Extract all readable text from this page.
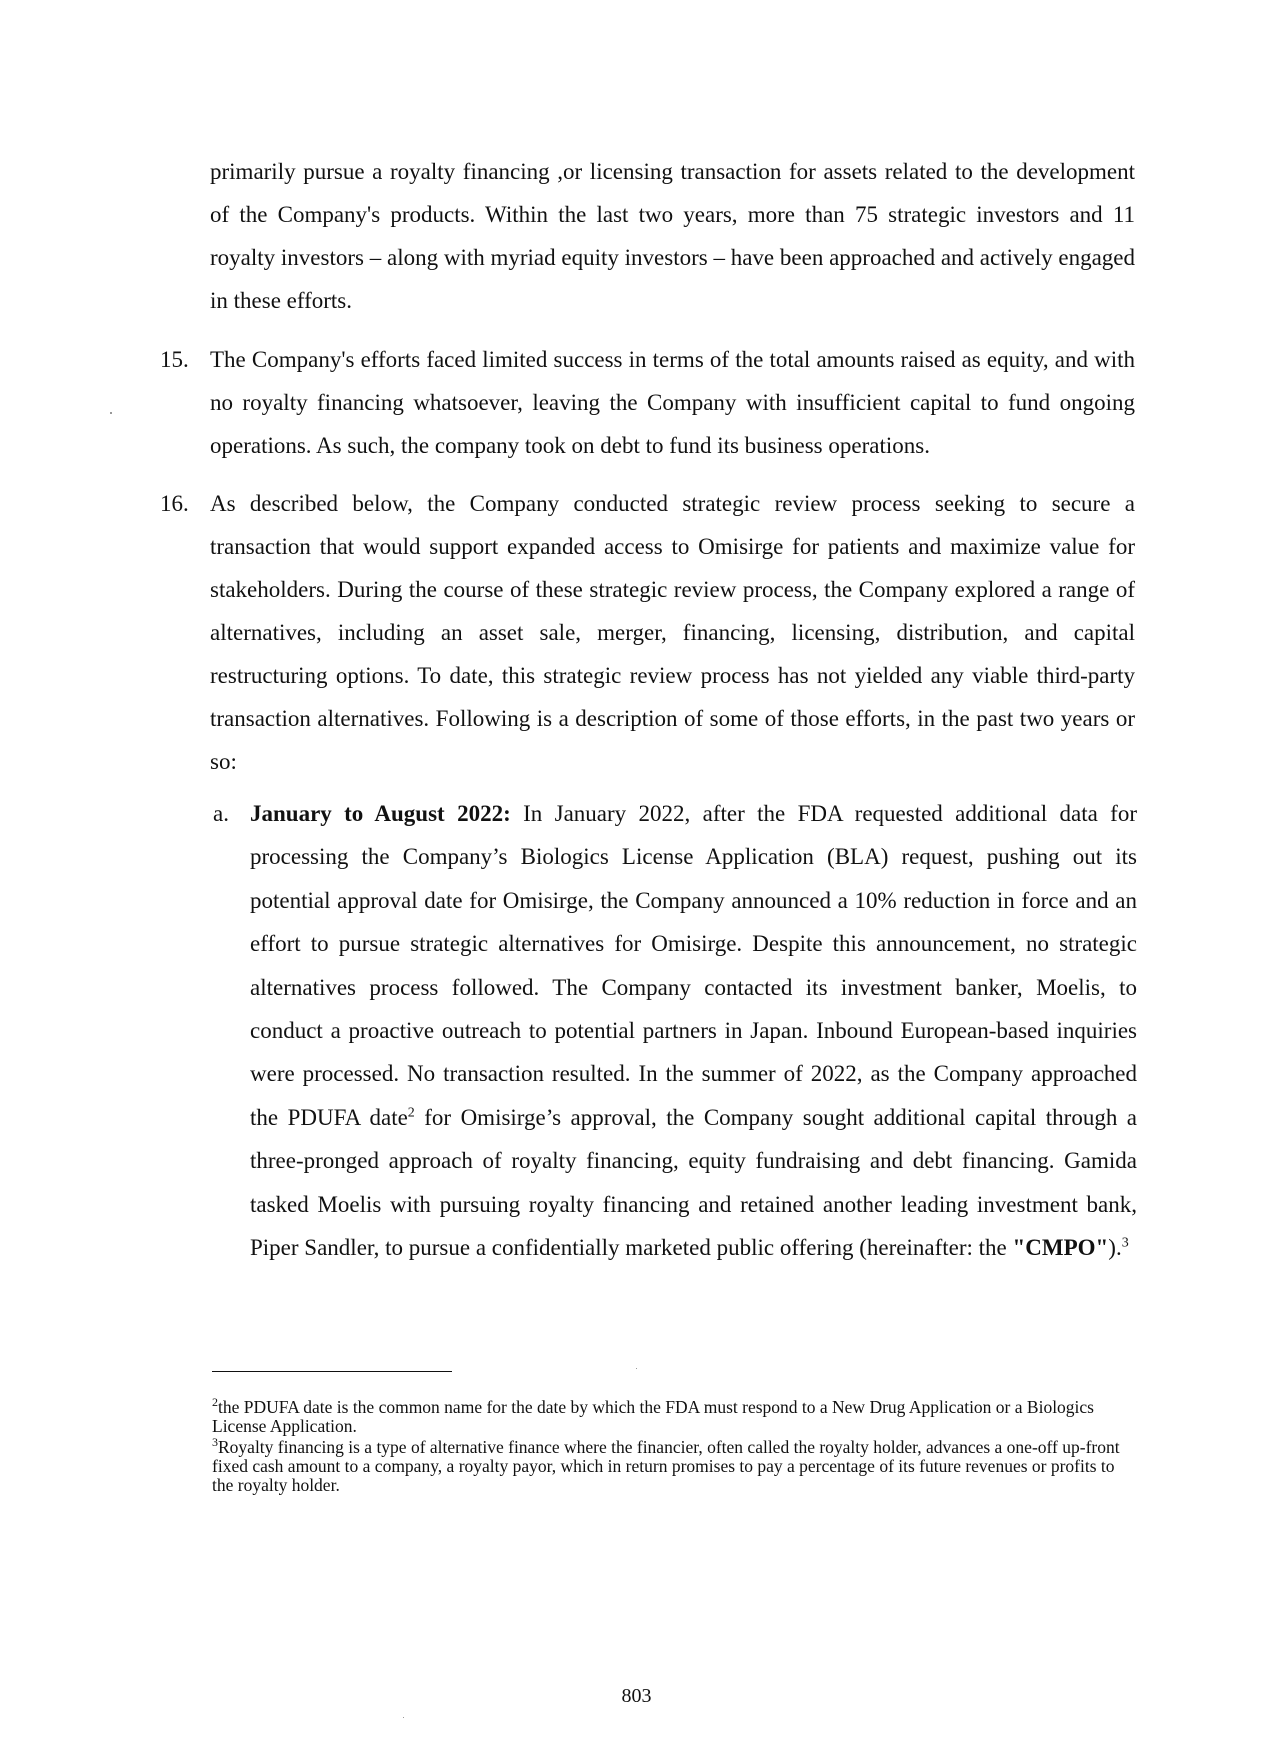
primarily pursue a royalty financing ,or licensing transaction for assets related to the development of the Company's products. Within the last two years, more than 75 strategic investors and 11 royalty investors – along with myriad equity investors – have been approached and actively engaged in these efforts.

15. The Company's efforts faced limited success in terms of the total amounts raised as equity, and with no royalty financing whatsoever, leaving the Company with insufficient capital to fund ongoing operations. As such, the company took on debt to fund its business operations.

16. As described below, the Company conducted strategic review process seeking to secure a transaction that would support expanded access to Omisirge for patients and maximize value for stakeholders. During the course of these strategic review process, the Company explored a range of alternatives, including an asset sale, merger, financing, licensing, distribution, and capital restructuring options. To date, this strategic review process has not yielded any viable third-party transaction alternatives. Following is a description of some of those efforts, in the past two years or so:

a. January to August 2022: In January 2022, after the FDA requested additional data for processing the Company’s Biologics License Application (BLA) request, pushing out its potential approval date for Omisirge, the Company announced a 10% reduction in force and an effort to pursue strategic alternatives for Omisirge. Despite this announcement, no strategic alternatives process followed. The Company contacted its investment banker, Moelis, to conduct a proactive outreach to potential partners in Japan. Inbound European-based inquiries were processed. No transaction resulted. In the summer of 2022, as the Company approached the PDUFA date$^2$ for Omisirge’s approval, the Company sought additional capital through a three-pronged approach of royalty financing, equity fundraising and debt financing. Gamida tasked Moelis with pursuing royalty financing and retained another leading investment bank, Piper Sandler, to pursue a confidentially marketed public offering (hereinafter: the "CMPO").$^3$

$^2$the PDUFA date is the common name for the date by which the FDA must respond to a New Drug Application or a Biologics License Application.

$^3$Royalty financing is a type of alternative finance where the financier, often called the royalty holder, advances a one-off up-front fixed cash amount to a company, a royalty payor, which in return promises to pay a percentage of its future revenues or profits to the royalty holder.

803
